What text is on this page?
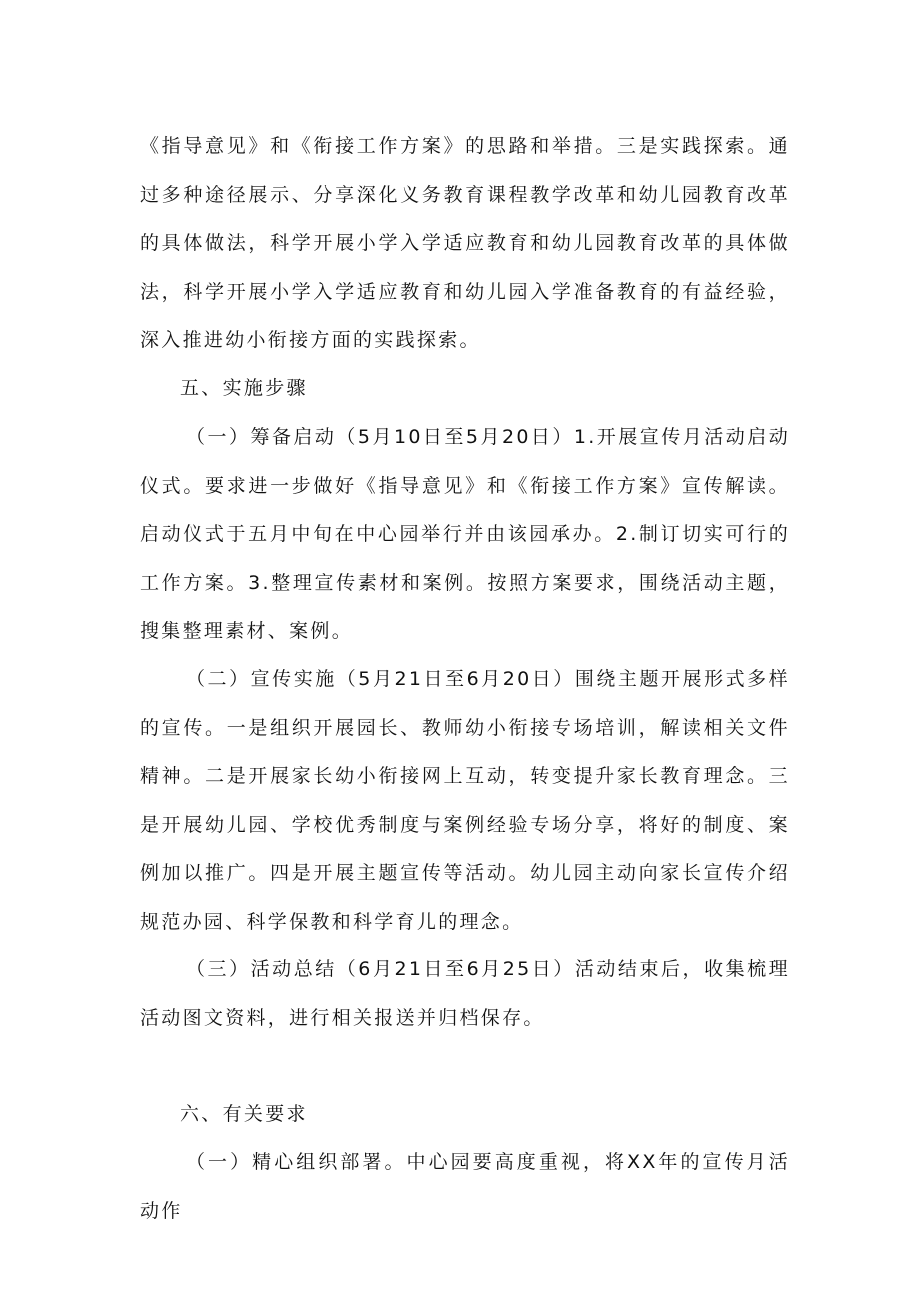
《指导意见》和《衔接工作方案》的思路和举措。三是实践探索。通过多种途径展示、分享深化义务教育课程教学改革和幼儿园教育改革的具体做法，科学开展小学入学适应教育和幼儿园教育改革的具体做法，科学开展小学入学适应教育和幼儿园入学准备教育的有益经验，深入推进幼小衔接方面的实践探索。

五、实施步骤

（一）筹备启动（5月10日至5月20日）1.开展宣传月活动启动仪式。要求进一步做好《指导意见》和《衔接工作方案》宣传解读。启动仪式于五月中旬在中心园举行并由该园承办。2.制订切实可行的工作方案。3.整理宣传素材和案例。按照方案要求，围绕活动主题，搜集整理素材、案例。

（二）宣传实施（5月21日至6月20日）围绕主题开展形式多样的宣传。一是组织开展园长、教师幼小衔接专场培训，解读相关文件精神。二是开展家长幼小衔接网上互动，转变提升家长教育理念。三是开展幼儿园、学校优秀制度与案例经验专场分享，将好的制度、案例加以推广。四是开展主题宣传等活动。幼儿园主动向家长宣传介绍规范办园、科学保教和科学育儿的理念。

（三）活动总结（6月21日至6月25日）活动结束后，收集梳理活动图文资料，进行相关报送并归档保存。

六、有关要求

（一）精心组织部署。中心园要高度重视，将XX年的宣传月活动作
